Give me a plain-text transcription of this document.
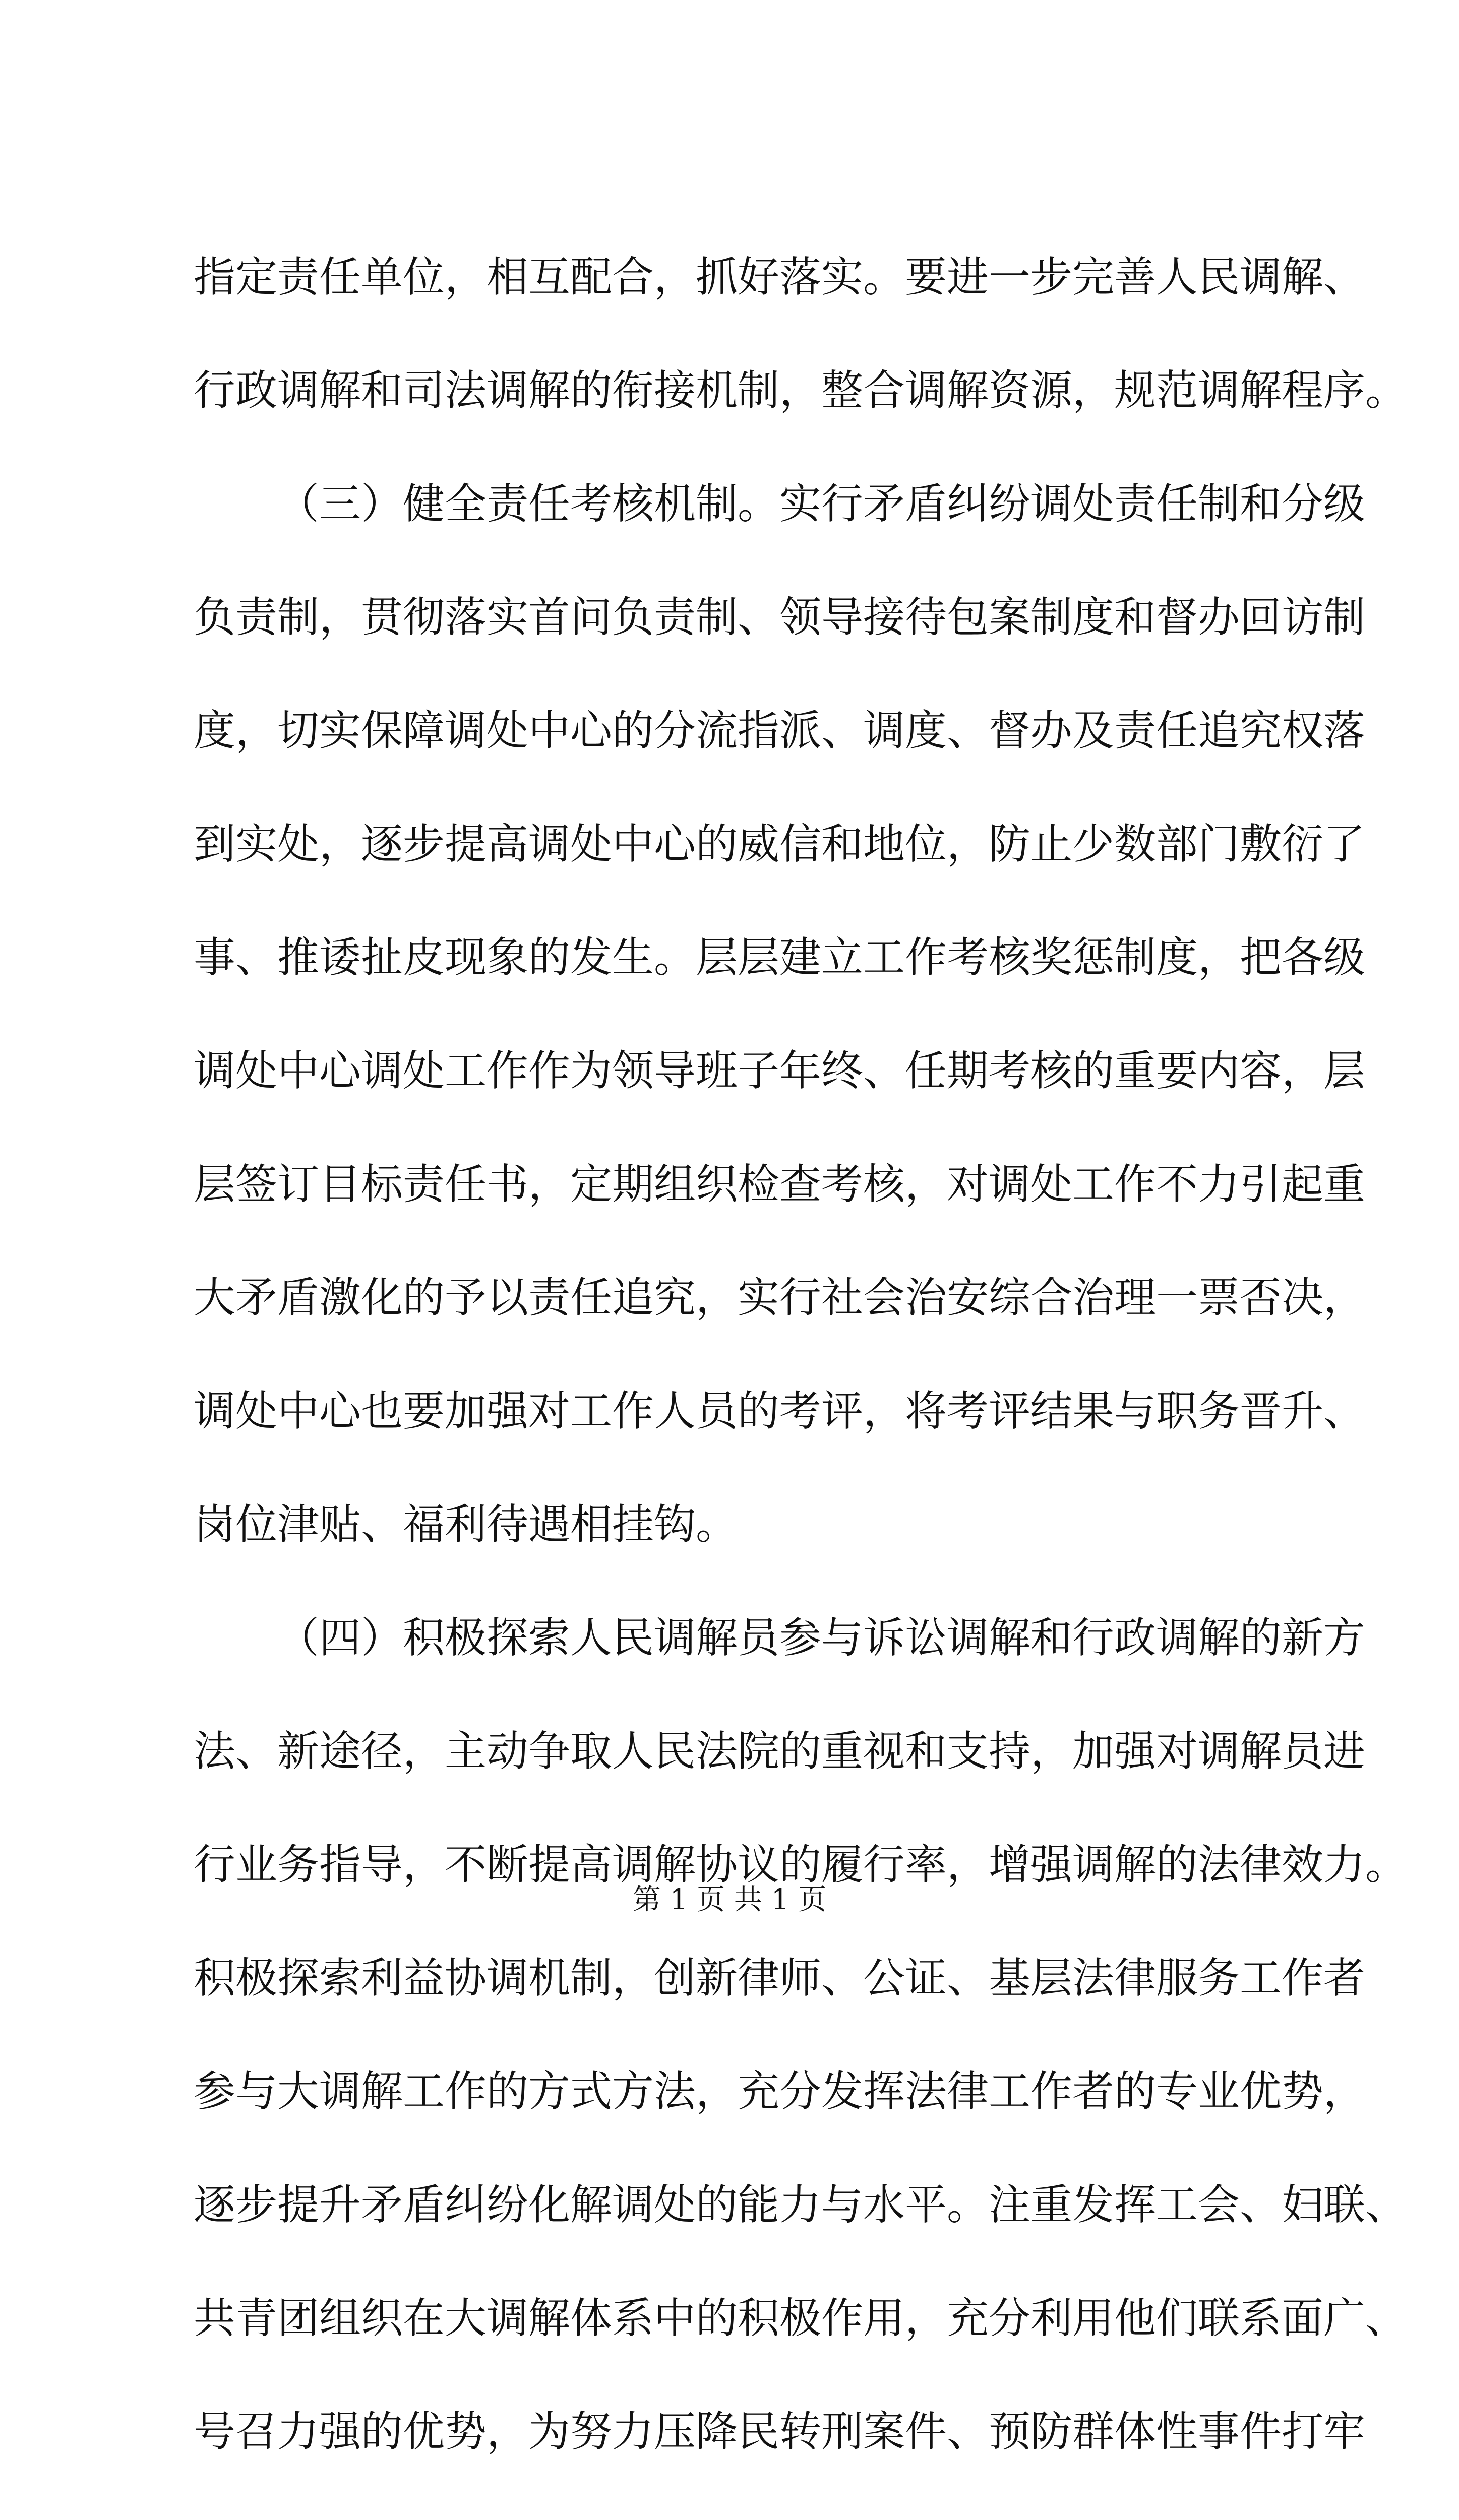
指定责任单位，相互配合，抓好落实。要进一步完善人民调解、
行政调解和司法调解的衔接机制，整合调解资源，规范调解程序。
（三）健全责任考核机制。实行矛盾纠纷调处责任制和分级
负责制，贯彻落实首问负责制、领导接待包案制度和督办回访制
度，切实保障调处中心的分流指派、调度、督办及责任追究权落
到实处，逐步提高调处中心的威信和地位，防止少数部门敷衍了
事、推诿扯皮现象的发生。层层建立工作考核奖惩制度，把各级
调处中心调处工作作为领导班子年终、任期考核的重要内容，层
层签订目标责任书，定期组织检查考核，对调处工作不力引起重
大矛盾激化的予以责任追究，实行社会治安综合治理一票否决，
调处中心也要加强对工作人员的考评，将考评结果与职务晋升、
岗位津贴、福利待遇相挂钩。
（四）积极探索人民调解员参与诉讼调解和行政调解的新方
法、新途径，主动争取人民法院的重视和支持，加强对调解员进
行业务指导，不断提高调解协议的履行率，增强调解的法律效力。
积极探索利益协调机制，创新律师、公证、基层法律服务工作者
参与大调解工作的方式方法，充分发挥法律工作者的专业优势，
逐步提升矛盾纠纷化解调处的能力与水平。注重发挥工会、妇联、
共青团组织在大调解体系中的积极作用，充分利用他们联系面广、
号召力强的优势，为努力压降民转刑案件、预防群体性事件打牢
第 1 页 共 1 页
